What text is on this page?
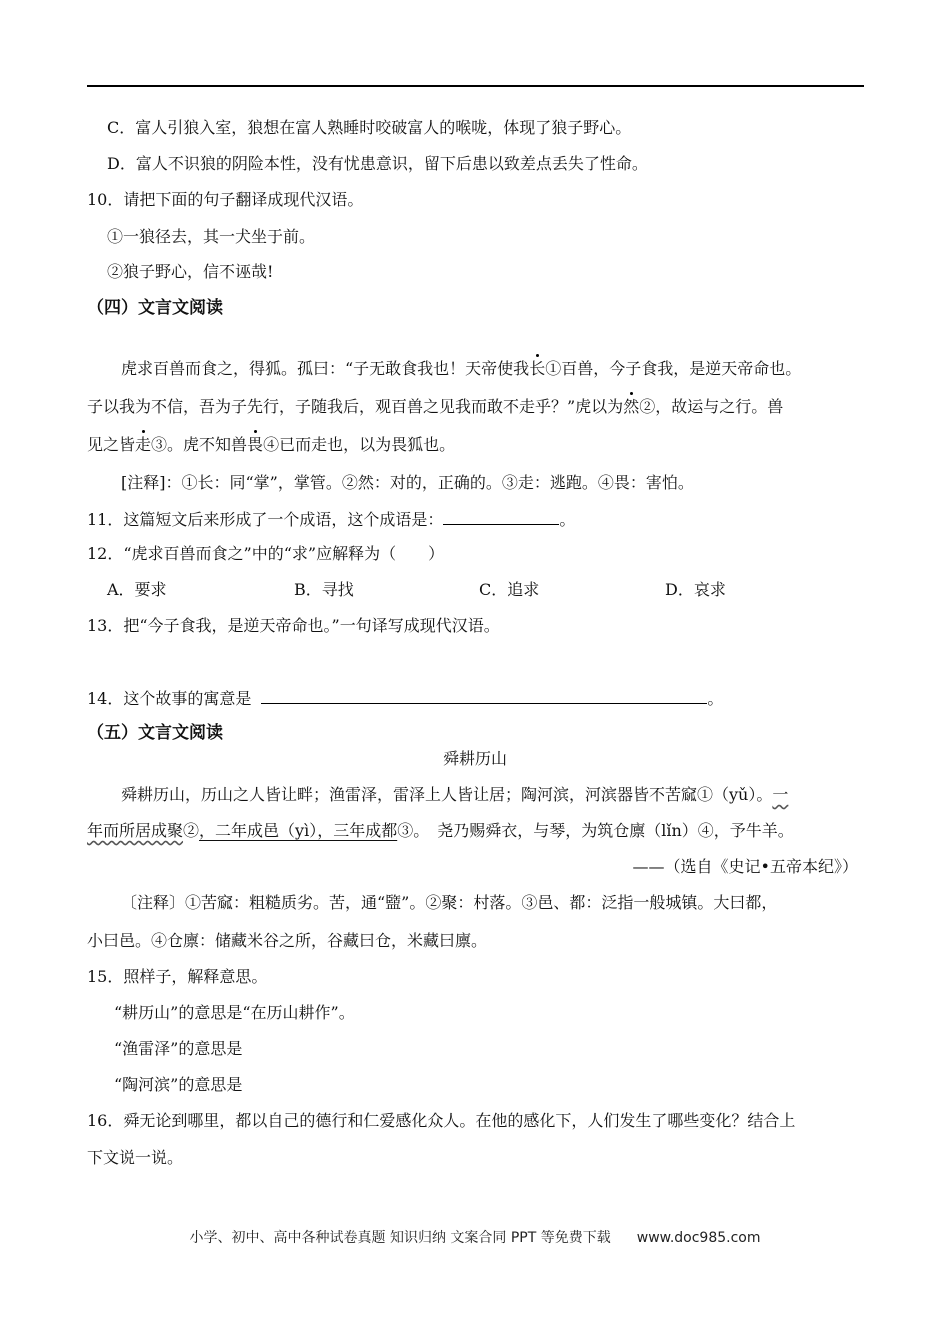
C．富人引狼入室，狼想在富人熟睡时咬破富人的喉咙，体现了狼子野心。
D．富人不识狼的阴险本性，没有忧患意识，留下后患以致差点丢失了性命。
10．请把下面的句子翻译成现代汉语。
①一狼径去，其一犬坐于前。
②狼子野心，信不诬哉!
（四）文言文阅读
虎求百兽而食之，得狐。孤曰：“子无敢食我也！天帝使我长①百兽，今子食我，是逆天帝命也。
子以我为不信，吾为子先行，子随我后，观百兽之见我而敢不走乎？”虎以为然②，故运与之行。兽
见之皆走③。虎不知兽畏④已而走也，以为畏狐也。
[注释]：①长：同“掌”，掌管。②然：对的，正确的。③走：逃跑。④畏：害怕。
11．这篇短文后来形成了一个成语，这个成语是：	。
12．“虎求百兽而食之”中的“求”应解释为（　　）
A．要求	B．寻找	C．追求	D．哀求
13．把“今子食我，是逆天帝命也。”一句译写成现代汉语。
14．这个故事的寓意是	。
（五）文言文阅读
舜耕历山
舜耕历山，历山之人皆让畔；渔雷泽，雷泽上人皆让居；陶河滨，河滨器皆不苦窳①（yǔ）。一
年而所居成聚②，二年成邑（yì），三年成都③。 尧乃赐舜衣，与琴，为筑仓廪（lǐn）④，予牛羊。
——（选自《史记•五帝本纪》）
〔注释〕①苦窳：粗糙质劣。苦，通“盬”。②聚：村落。③邑、都：泛指一般城镇。大曰都，
小曰邑。④仓廪：储藏米谷之所，谷藏曰仓，米藏曰廪。
15．照样子，解释意思。
“耕历山”的意思是“在历山耕作”。
“渔雷泽”的意思是
“陶河滨”的意思是
16．舜无论到哪里，都以自己的德行和仁爱感化众人。在他的感化下，人们发生了哪些变化？结合上
下文说一说。
小学、初中、高中各种试卷真题 知识归纳 文案合同 PPT 等免费下载 www.doc985.com
